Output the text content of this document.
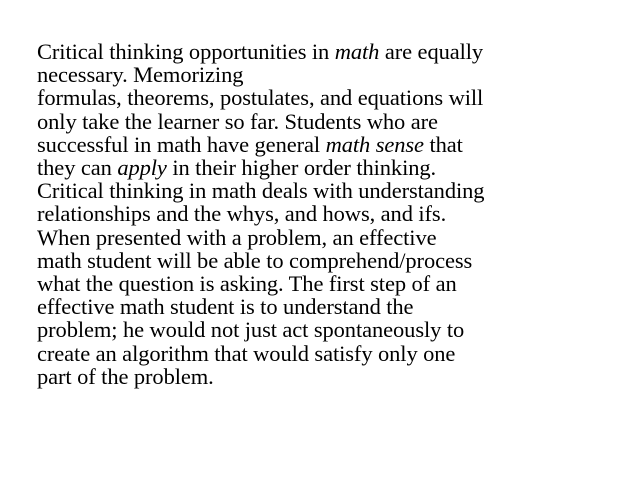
Critical thinking opportunities in math are equally
necessary. Memorizing
formulas, theorems, postulates, and equations will
only take the learner so far. Students who are
successful in math have general math sense that
they can apply in their higher order thinking.
Critical thinking in math deals with understanding
relationships and the whys, and hows, and ifs.
When presented with a problem, an effective
math student will be able to comprehend/process
what the question is asking. The first step of an
effective math student is to understand the
problem; he would not just act spontaneously to
create an algorithm that would satisfy only one
part of the problem.
